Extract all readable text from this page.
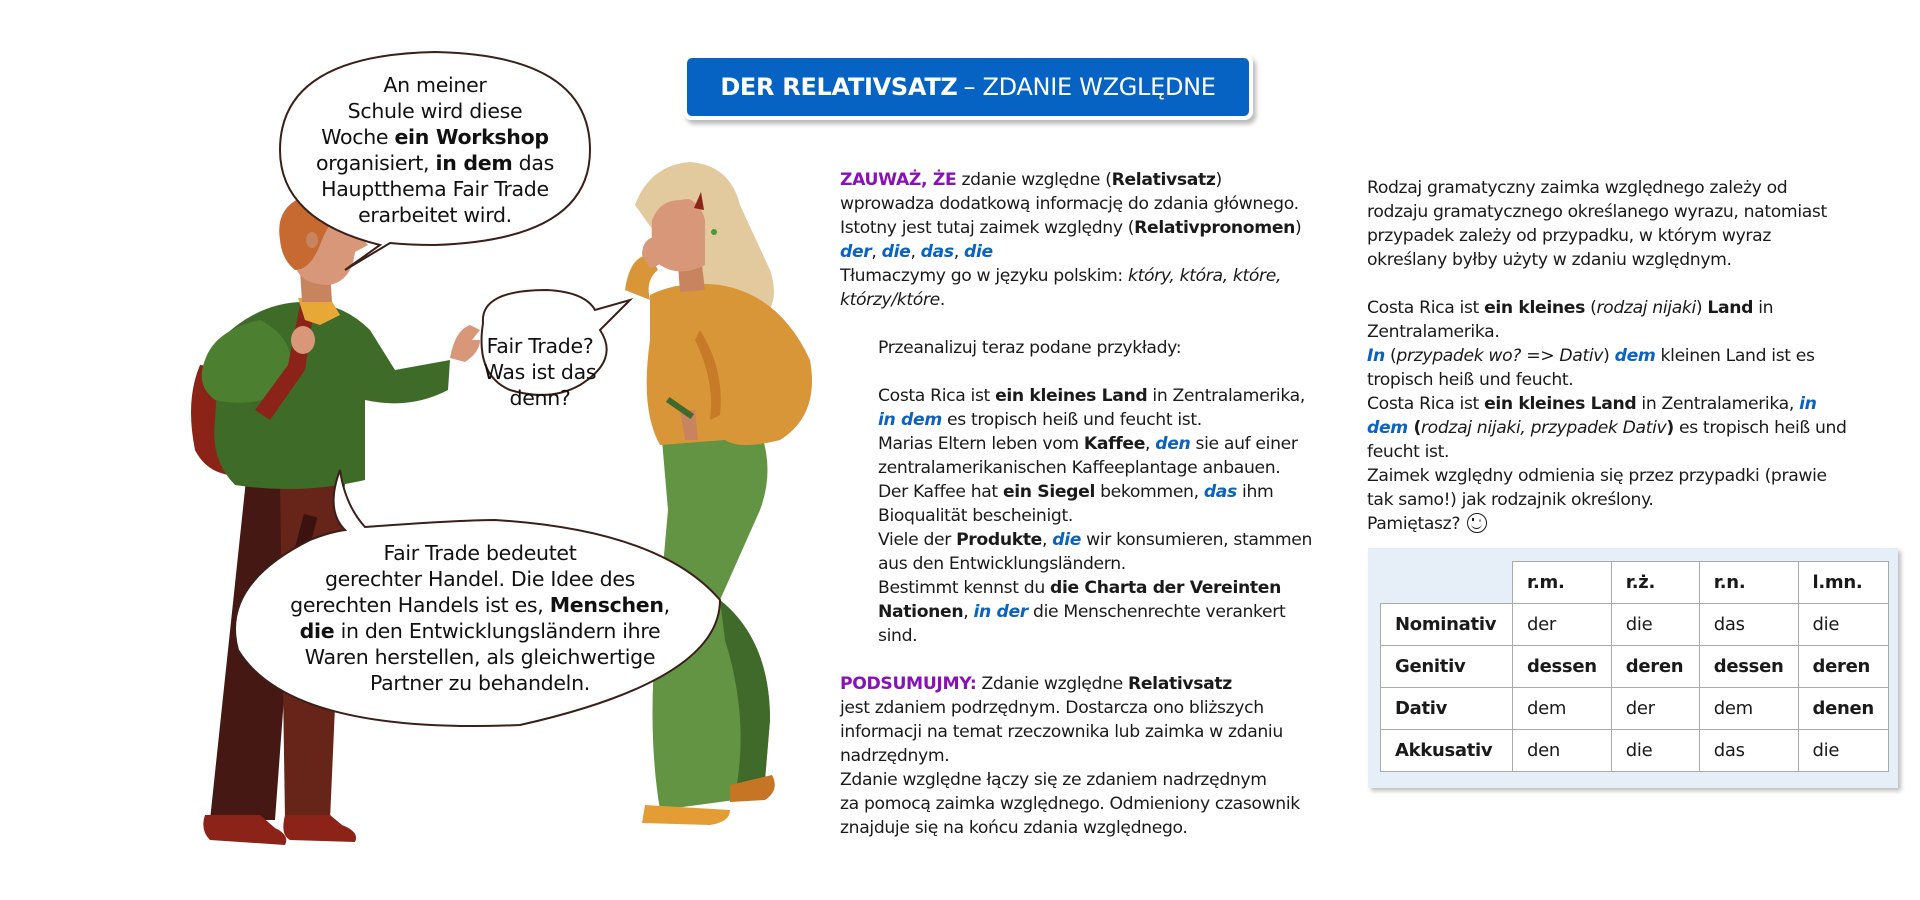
DER RELATIVSATZ – ZDANIE WZGLĘDNE
An meiner
Schule wird diese
Woche ein Workshop
organisiert, in dem das
Hauptthema Fair Trade
erarbeitet wird.
Fair Trade?
Was ist das
denn?
Fair Trade bedeutet
gerechter Handel. Die Idee des
gerechten Handels ist es, Menschen,
die in den Entwicklungsländern ihre
Waren herstellen, als gleichwertige
Partner zu behandeln.

ZAUWAŻ, ŻE zdanie względne (Relativsatz)

wprowadza dodatkową informację do zdania głównego.

Istotny jest tutaj zaimek względny (Relativpronomen)

der, die, das, die

Tłumaczymy go w języku polskim: który, która, które,

którzy/które.

Przeanalizuj teraz podane przykłady:

Costa Rica ist ein kleines Land in Zentralamerika,

in dem es tropisch heiß und feucht ist.

Marias Eltern leben vom Kaffee, den sie auf einer

zentralamerikanischen Kaffeeplantage anbauen.

Der Kaffee hat ein Siegel bekommen, das ihm

Bioqualität bescheinigt.

Viele der Produkte, die wir konsumieren, stammen

aus den Entwicklungsländern.

Bestimmt kennst du die Charta der Vereinten

Nationen, in der die Menschenrechte verankert

sind.

PODSUMUJMY: Zdanie względne Relativsatz

jest zdaniem podrzędnym. Dostarcza ono bliższych

informacji na temat rzeczownika lub zaimka w zdaniu

nadrzędnym.

Zdanie względne łączy się ze zdaniem nadrzędnym

za pomocą zaimka względnego. Odmieniony czasownik

znajduje się na końcu zdania względnego.

Rodzaj gramatyczny zaimka względnego zależy od

rodzaju gramatycznego określanego wyrazu, natomiast

przypadek zależy od przypadku, w którym wyraz

określany byłby użyty w zdaniu względnym.

Costa Rica ist ein kleines (rodzaj nijaki) Land in

Zentralamerika.

In (przypadek wo? => Dativ) dem kleinen Land ist es

tropisch heiß und feucht.

Costa Rica ist ein kleines Land in Zentralamerika, in

dem (rodzaj nijaki, przypadek Dativ) es tropisch heiß und

feucht ist.

Zaimek względny odmienia się przez przypadki (prawie

tak samo!) jak rodzajnik określony.

Pamiętasz?

	r.m.	r.ż.	r.n.	l.mn.
Nominativ	der	die	das	die
Genitiv	dessen	deren	dessen	deren
Dativ	dem	der	dem	denen
Akkusativ	den	die	das	die
